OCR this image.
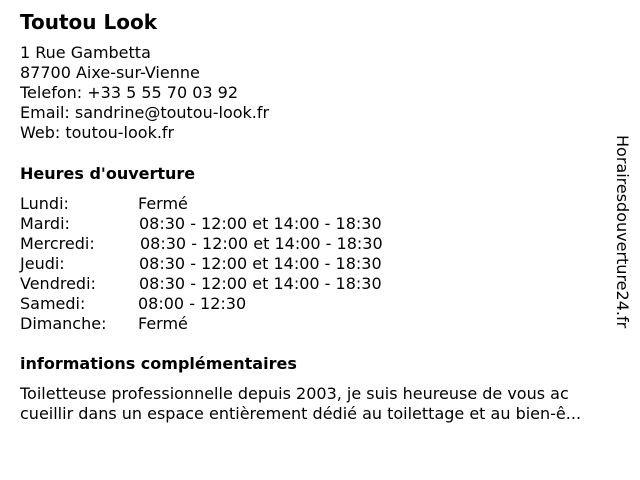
Toutou Look
1 Rue Gambetta
87700 Aixe-sur-Vienne
Telefon: +33 5 55 70 03 92
Email: sandrine@toutou-look.fr
Web: toutou-look.fr
Heures d'ouverture
Lundi:	Fermé
Mardi:	08:30 - 12:00 et 14:00 - 18:30
Mercredi:	08:30 - 12:00 et 14:00 - 18:30
Jeudi:	08:30 - 12:00 et 14:00 - 18:30
Vendredi:	08:30 - 12:00 et 14:00 - 18:30
Samedi:	08:00 - 12:30
Dimanche: Fermé
informations complémentaires
Toiletteuse professionnelle depuis 2003, je suis heureuse de vous ac
cueillir dans un espace entièrement dédié au toilettage et au bien-ê...
Horairesdouverture24.fr
